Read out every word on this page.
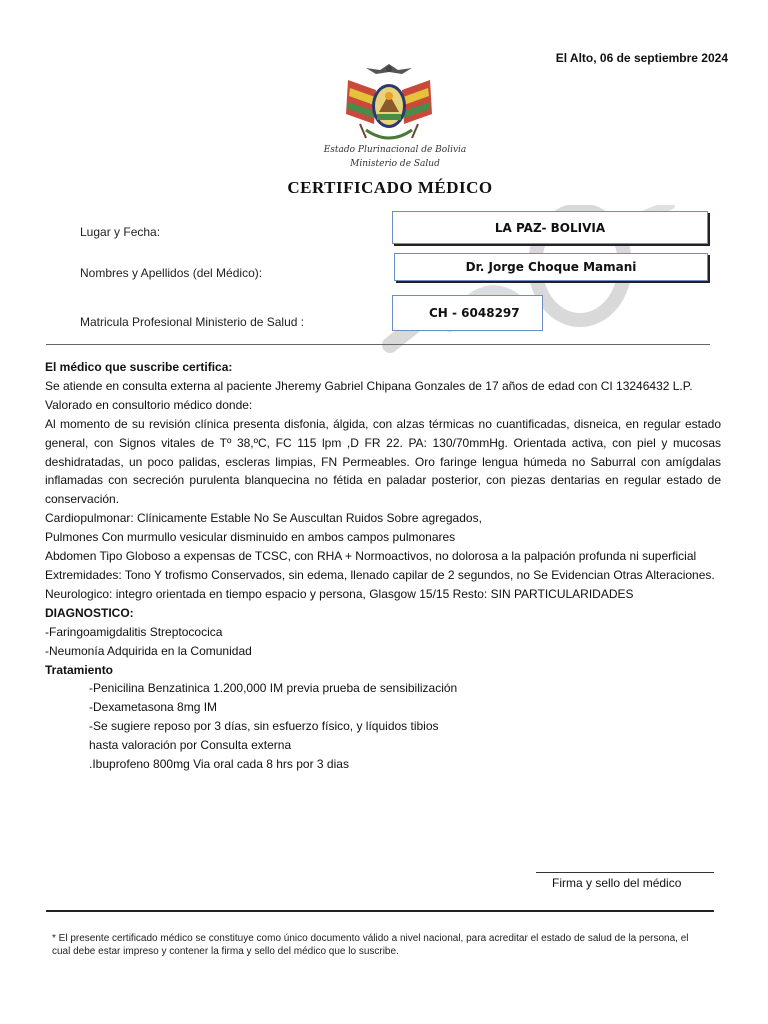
El Alto, 06 de septiembre 2024
Estado Plurinacional de Bolivia
Ministerio de Salud
CERTIFICADO MÉDICO
Lugar y Fecha:	LA PAZ- BOLIVIA
Nombres y Apellidos (del Médico):	Dr. Jorge Choque Mamani
Matricula Profesional Ministerio de Salud :
CH - 6048297

El médico que suscribe certifica:

Se atiende en consulta externa al paciente Jheremy Gabriel Chipana Gonzales de 17 años de edad con CI 13246432 L.P.

Valorado en consultorio médico donde:

Al momento de su revisión clínica presenta disfonia, álgida, con alzas térmicas no cuantificadas, disneica, en regular estado general, con Signos vitales de Tº 38,ºC, FC 115 lpm ,D FR 22. PA: 130/70mmHg. Orientada activa, con piel y mucosas deshidratadas, un poco palidas, escleras limpias, FN Permeables. Oro faringe lengua húmeda no Saburral con amígdalas inflamadas con secreción purulenta blanquecina no fétida en paladar posterior, con piezas dentarias en regular estado de conservación.

Cardiopulmonar: Clínicamente Estable No Se Auscultan Ruidos Sobre agregados,

Pulmones Con murmullo vesicular disminuido en ambos campos pulmonares

Abdomen Tipo Globoso a expensas de TCSC, con RHA + Normoactivos, no dolorosa a la palpación profunda ni superficial

Extremidades: Tono Y trofismo Conservados, sin edema, llenado capilar de 2 segundos, no Se Evidencian Otras Alteraciones.

Neurologico: integro orientada en tiempo espacio y persona, Glasgow 15/15 Resto: SIN PARTICULARIDADES

DIAGNOSTICO:

-Faringoamigdalitis Streptococica

-Neumonía Adquirida en la Comunidad

Tratamiento

-Penicilina Benzatinica 1.200,000 IM previa prueba de sensibilización

-Dexametasona 8mg IM

-Se sugiere reposo por 3 días, sin esfuerzo físico, y líquidos tibios

hasta valoración por Consulta externa

.Ibuprofeno 800mg Via oral cada 8 hrs por 3 dias

Firma y sello del médico
* El presente certificado médico se constituye como único documento válido a nivel nacional, para acreditar el estado de salud de la persona, el cual debe estar impreso y contener la firma y sello del médico que lo suscribe.
